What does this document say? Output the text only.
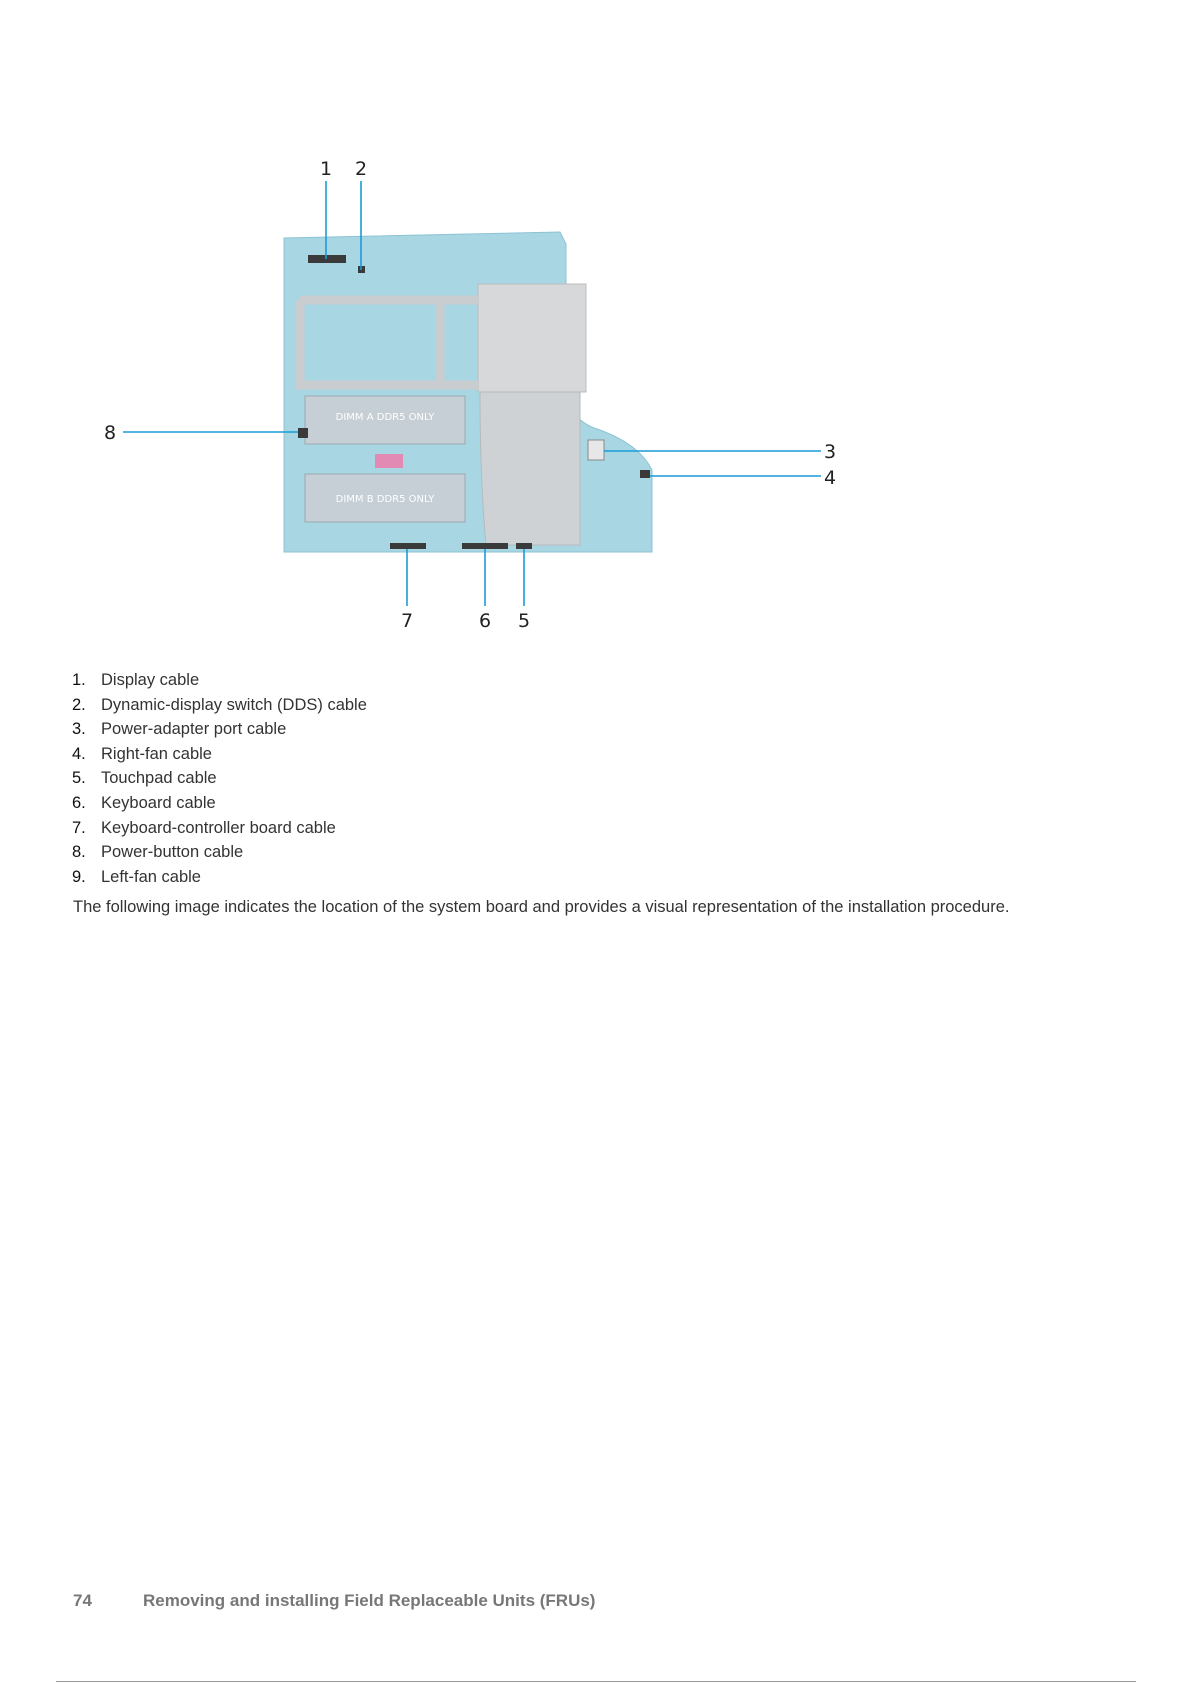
DIMM A DDR5 ONLY
DIMM B DDR5 ONLY
1 2
3
4
5
6
7
8
1. Display cable
2. Dynamic-display switch (DDS) cable
3. Power-adapter port cable
4. Right-fan cable
5. Touchpad cable
6. Keyboard cable
7. Keyboard-controller board cable
8. Power-button cable
9. Left-fan cable

The following image indicates the location of the system board and provides a visual representation of the installation procedure.

74	Removing and installing Field Replaceable Units (FRUs)
